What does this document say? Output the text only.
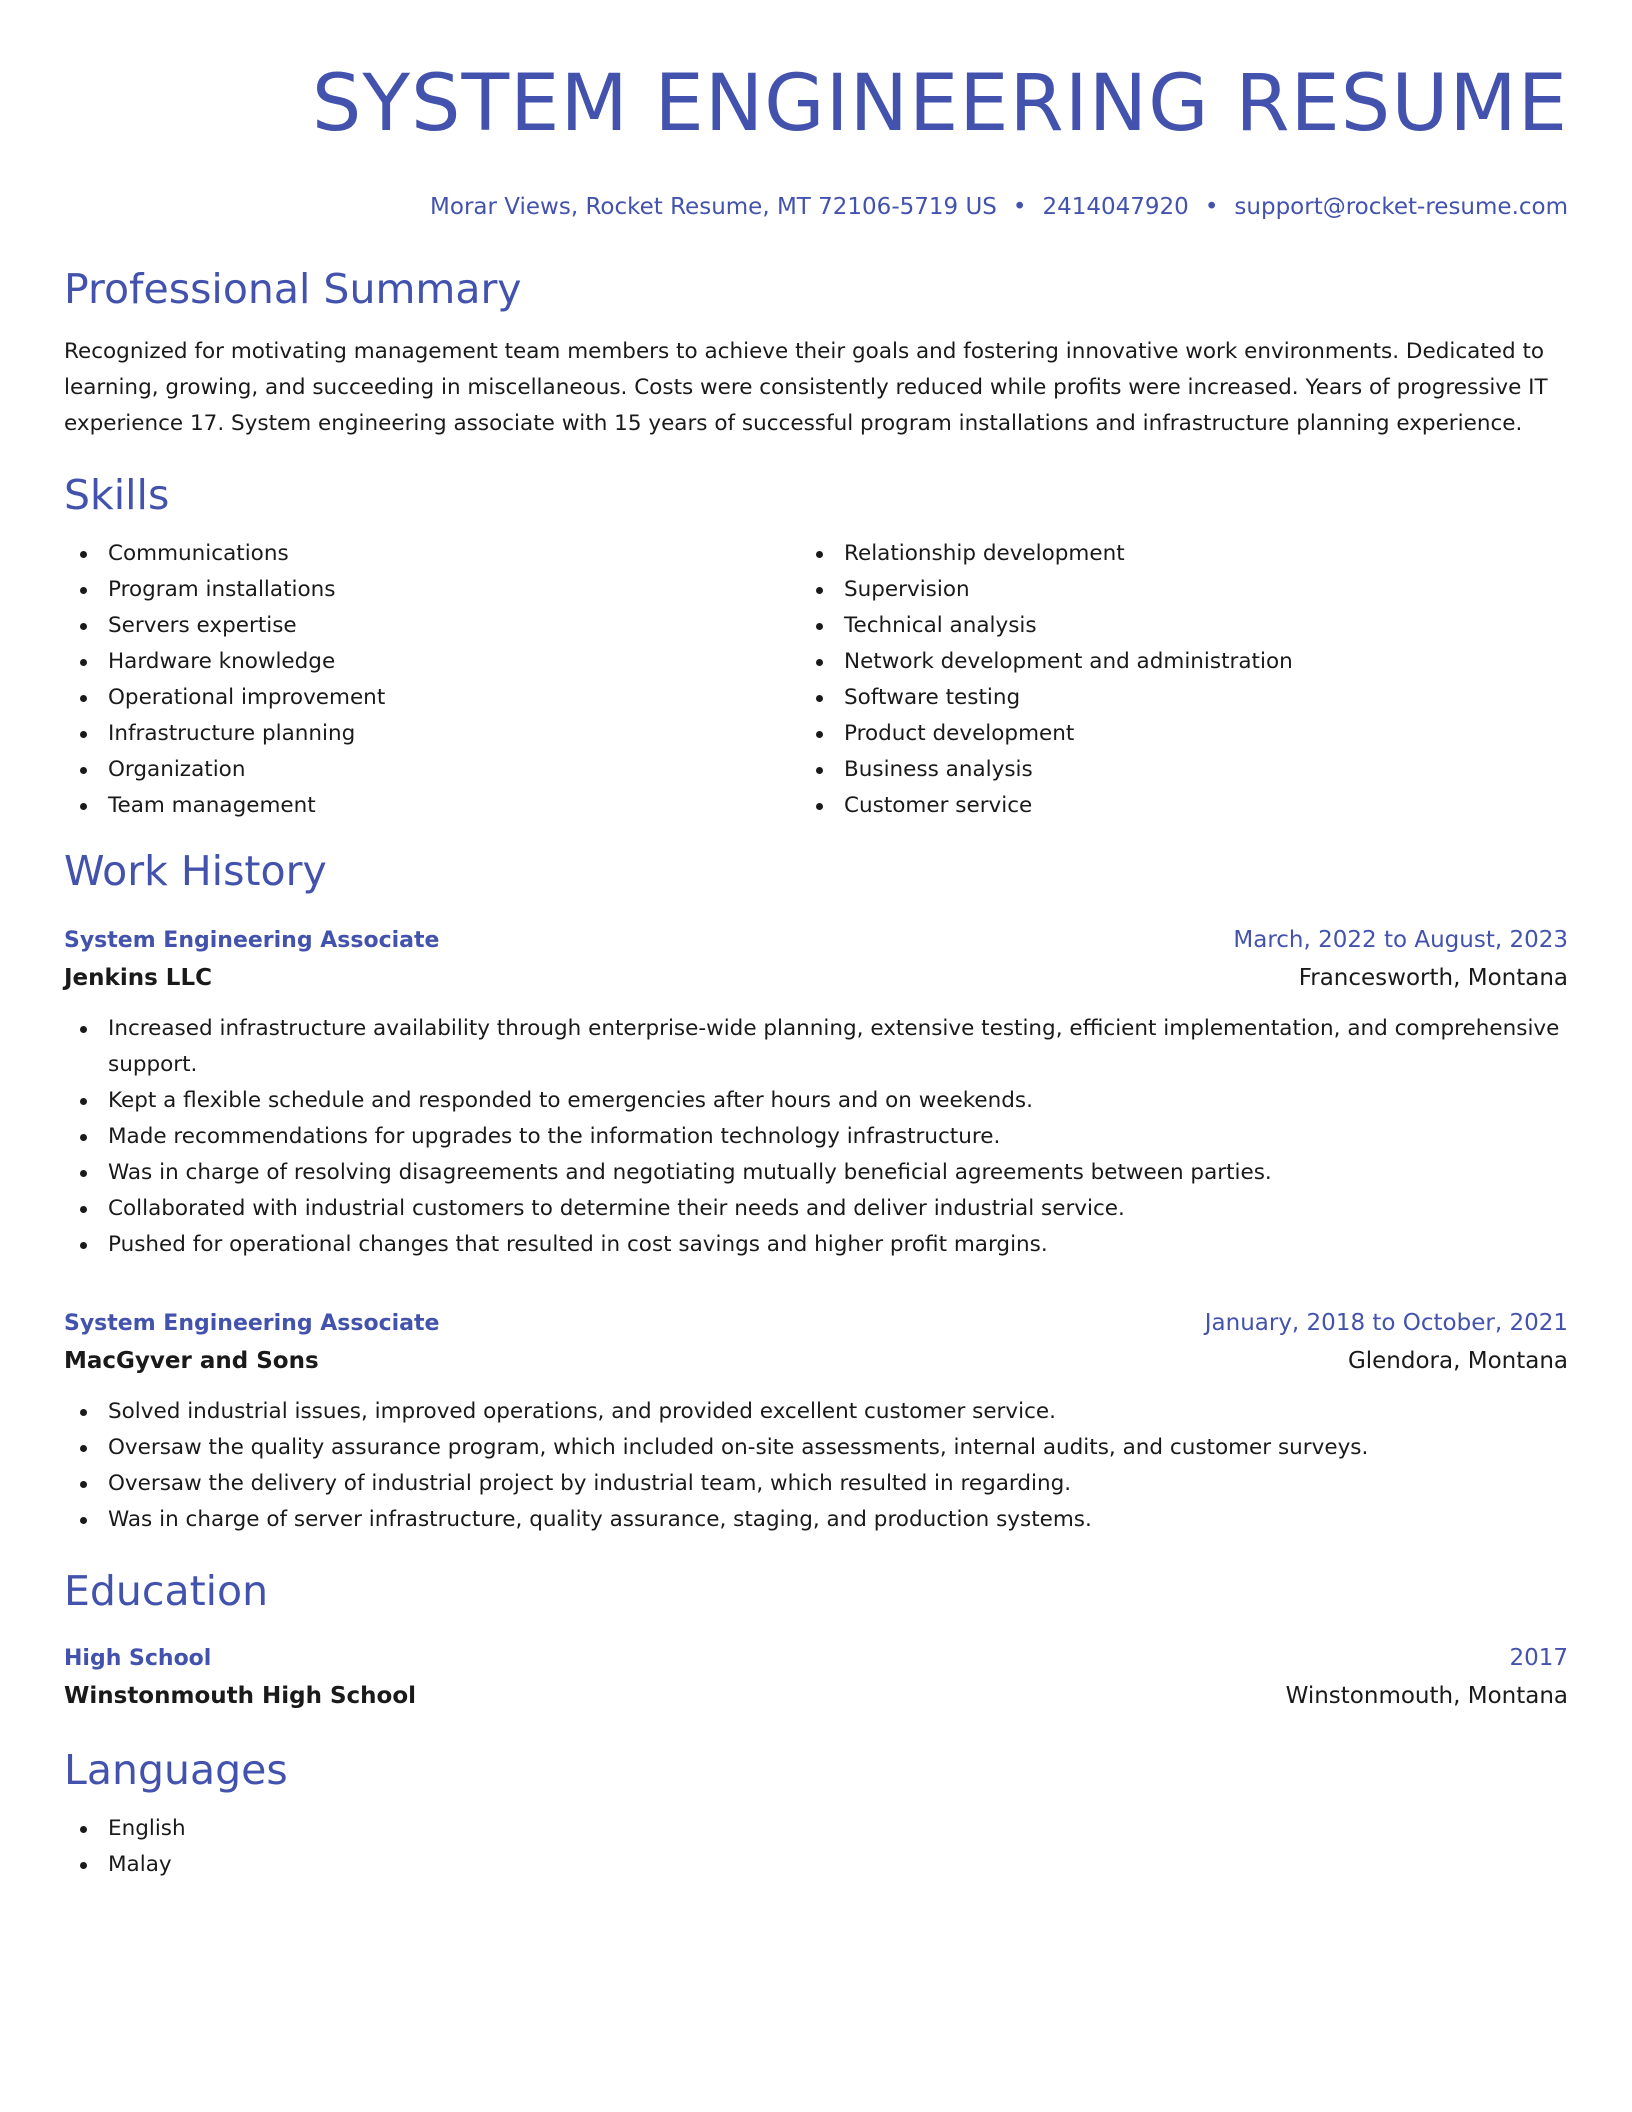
SYSTEM ENGINEERING RESUME
Morar Views, Rocket Resume, MT 72106-5719 US • 2414047920 • support@rocket-resume.com
Professional Summary

Recognized for motivating management team members to achieve their goals and fostering innovative work environments. Dedicated to learning, growing, and succeeding in miscellaneous. Costs were consistently reduced while profits were increased. Years of progressive IT experience 17. System engineering associate with 15 years of successful program installations and infrastructure planning experience.

Skills
Communications
Program installations
Servers expertise
Hardware knowledge
Operational improvement
Infrastructure planning
Organization
Team management
Relationship development
Supervision
Technical analysis
Network development and administration
Software testing
Product development
Business analysis
Customer service
Work History
System Engineering Associate	March, 2022 to August, 2023
Jenkins LLC	Francesworth, Montana
Increased infrastructure availability through enterprise-wide planning, extensive testing, efficient implementation, and comprehensive support.
Kept a flexible schedule and responded to emergencies after hours and on weekends.
Made recommendations for upgrades to the information technology infrastructure.
Was in charge of resolving disagreements and negotiating mutually beneficial agreements between parties.
Collaborated with industrial customers to determine their needs and deliver industrial service.
Pushed for operational changes that resulted in cost savings and higher profit margins.
System Engineering Associate	January, 2018 to October, 2021
MacGyver and Sons	Glendora, Montana
Solved industrial issues, improved operations, and provided excellent customer service.
Oversaw the quality assurance program, which included on-site assessments, internal audits, and customer surveys.
Oversaw the delivery of industrial project by industrial team, which resulted in regarding.
Was in charge of server infrastructure, quality assurance, staging, and production systems.
Education
High School	2017
Winstonmouth High School	Winstonmouth, Montana
Languages
English
Malay
